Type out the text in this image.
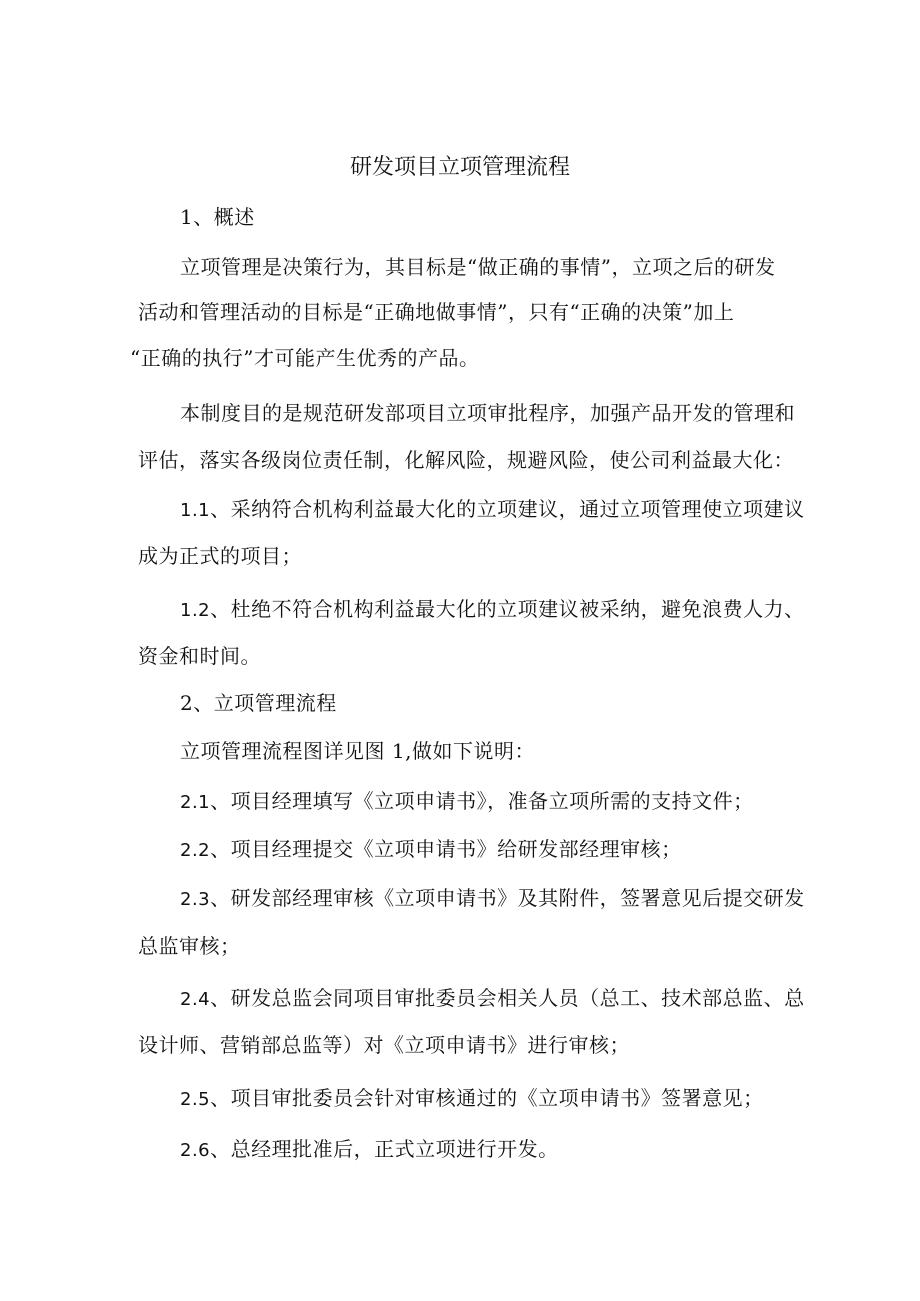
研发项目立项管理流程

1、概述

立项管理是决策行为，其目标是“做正确的事情”，立项之后的研发

活动和管理活动的目标是“正确地做事情”，只有“正确的决策”加上

“正确的执行”才可能产生优秀的产品。

本制度目的是规范研发部项目立项审批程序，加强产品开发的管理和

评估，落实各级岗位责任制，化解风险，规避风险，使公司利益最大化：

1.1、采纳符合机构利益最大化的立项建议，通过立项管理使立项建议

成为正式的项目；

1.2、杜绝不符合机构利益最大化的立项建议被采纳，避免浪费人力、

资金和时间。

2、立项管理流程

立项管理流程图详见图 1,做如下说明：

2.1、项目经理填写《立项申请书》，准备立项所需的支持文件；

2.2、项目经理提交《立项申请书》给研发部经理审核；

2.3、研发部经理审核《立项申请书》及其附件，签署意见后提交研发

总监审核；

2.4、研发总监会同项目审批委员会相关人员（总工、技术部总监、总

设计师、营销部总监等）对《立项申请书》进行审核；

2.5、项目审批委员会针对审核通过的《立项申请书》签署意见；

2.6、总经理批准后，正式立项进行开发。
